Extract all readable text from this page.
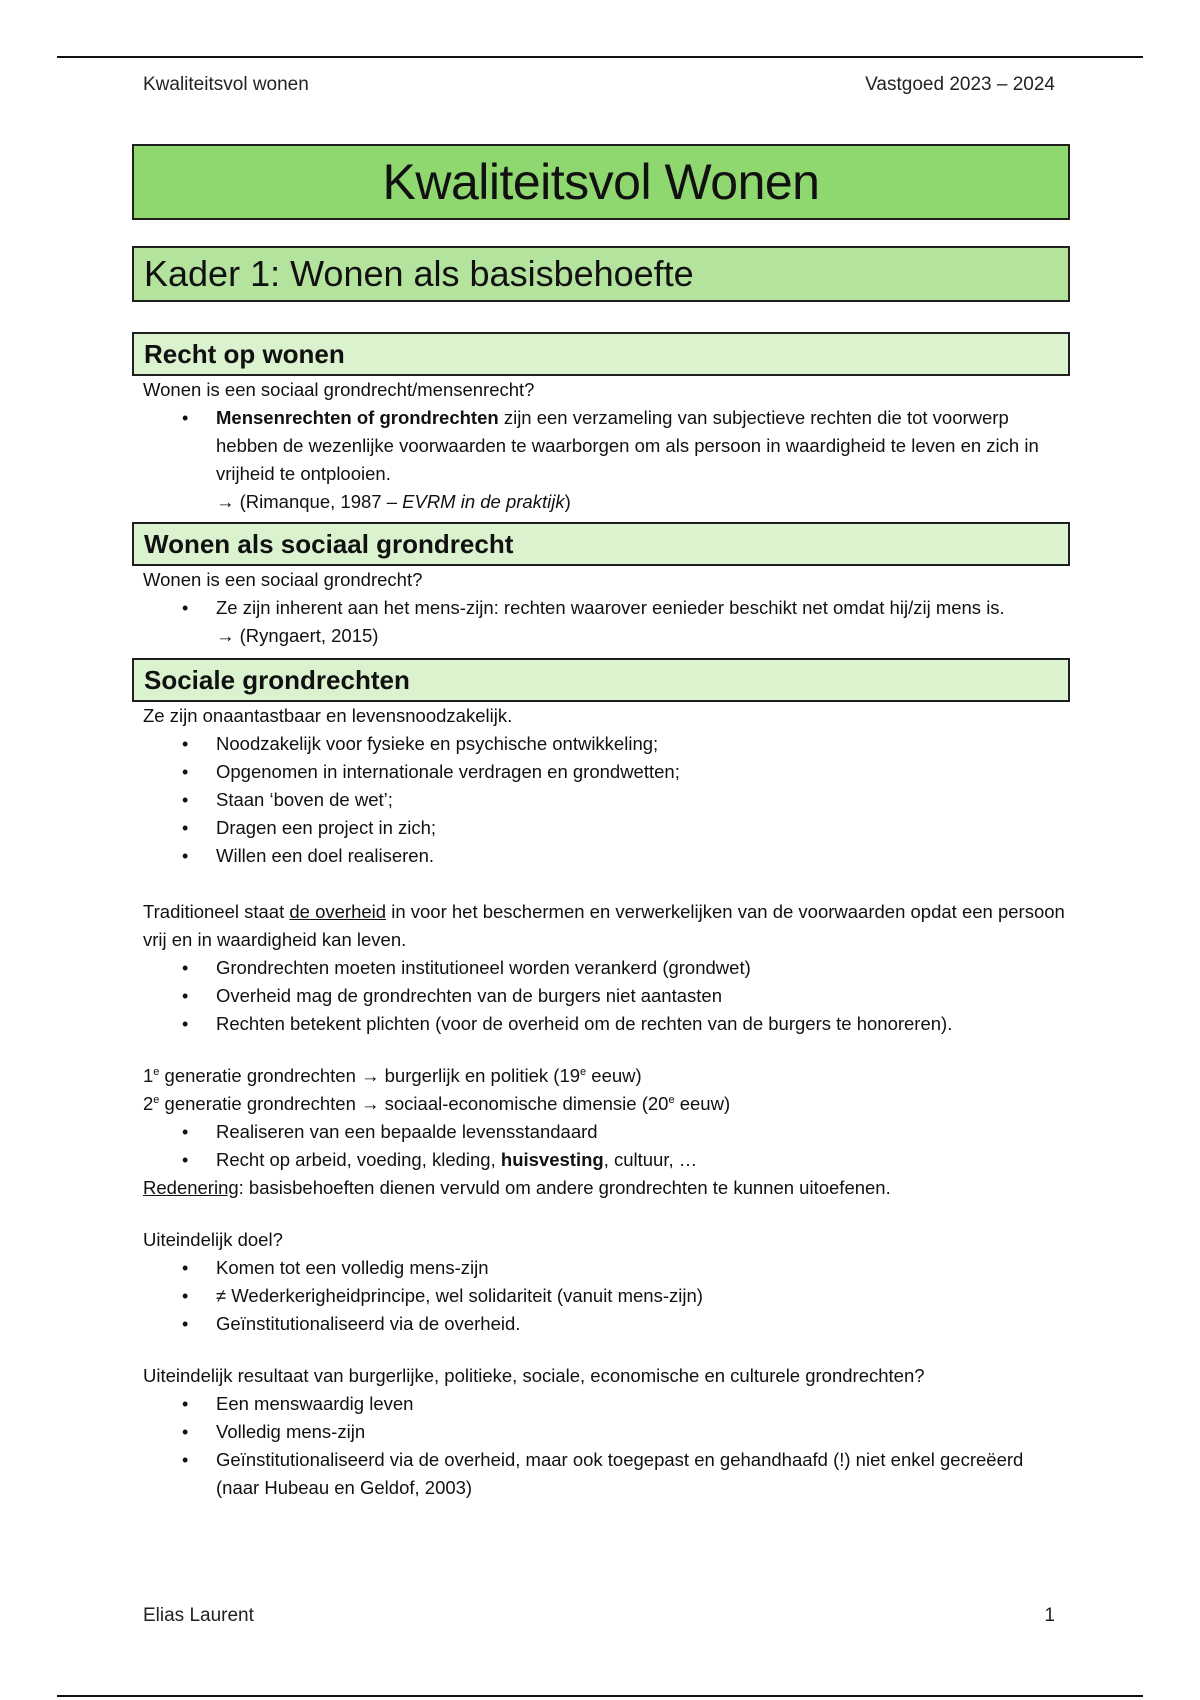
Kwaliteitsvol wonen	Vastgoed 2023 – 2024
Kwaliteitsvol Wonen
Kader 1: Wonen als basisbehoefte
Recht op wonen

Wonen is een sociaal grondrecht/mensenrecht?

• Mensenrechten of grondrechten zijn een verzameling van subjectieve rechten die tot voorwerp hebben de wezenlijke voorwaarden te waarborgen om als persoon in waardigheid te leven en zich in vrijheid te ontplooien.
→ (Rimanque, 1987 – EVRM in de praktijk)
Wonen als sociaal grondrecht

Wonen is een sociaal grondrecht?

• Ze zijn inherent aan het mens-zijn: rechten waarover eenieder beschikt net omdat hij/zij mens is.
→ (Ryngaert, 2015)
Sociale grondrechten

Ze zijn onaantastbaar en levensnoodzakelijk.

• Noodzakelijk voor fysieke en psychische ontwikkeling;
• Opgenomen in internationale verdragen en grondwetten;
• Staan ‘boven de wet’;
• Dragen een project in zich;
• Willen een doel realiseren.

Traditioneel staat de overheid in voor het beschermen en verwerkelijken van de voorwaarden opdat een persoon vrij en in waardigheid kan leven.

• Grondrechten moeten institutioneel worden verankerd (grondwet)
• Overheid mag de grondrechten van de burgers niet aantasten
• Rechten betekent plichten (voor de overheid om de rechten van de burgers te honoreren).

1e generatie grondrechten → burgerlijk en politiek (19e eeuw)

2e generatie grondrechten → sociaal-economische dimensie (20e eeuw)

• Realiseren van een bepaalde levensstandaard
• Recht op arbeid, voeding, kleding, huisvesting, cultuur, …

Redenering: basisbehoeften dienen vervuld om andere grondrechten te kunnen uitoefenen.

Uiteindelijk doel?

• Komen tot een volledig mens-zijn
• ≠ Wederkerigheidprincipe, wel solidariteit (vanuit mens-zijn)
• Geïnstitutionaliseerd via de overheid.

Uiteindelijk resultaat van burgerlijke, politieke, sociale, economische en culturele grondrechten?

• Een menswaardig leven
• Volledig mens-zijn
• Geïnstitutionaliseerd via de overheid, maar ook toegepast en gehandhaafd (!) niet enkel gecreëerd (naar Hubeau en Geldof, 2003)
Elias Laurent	1
